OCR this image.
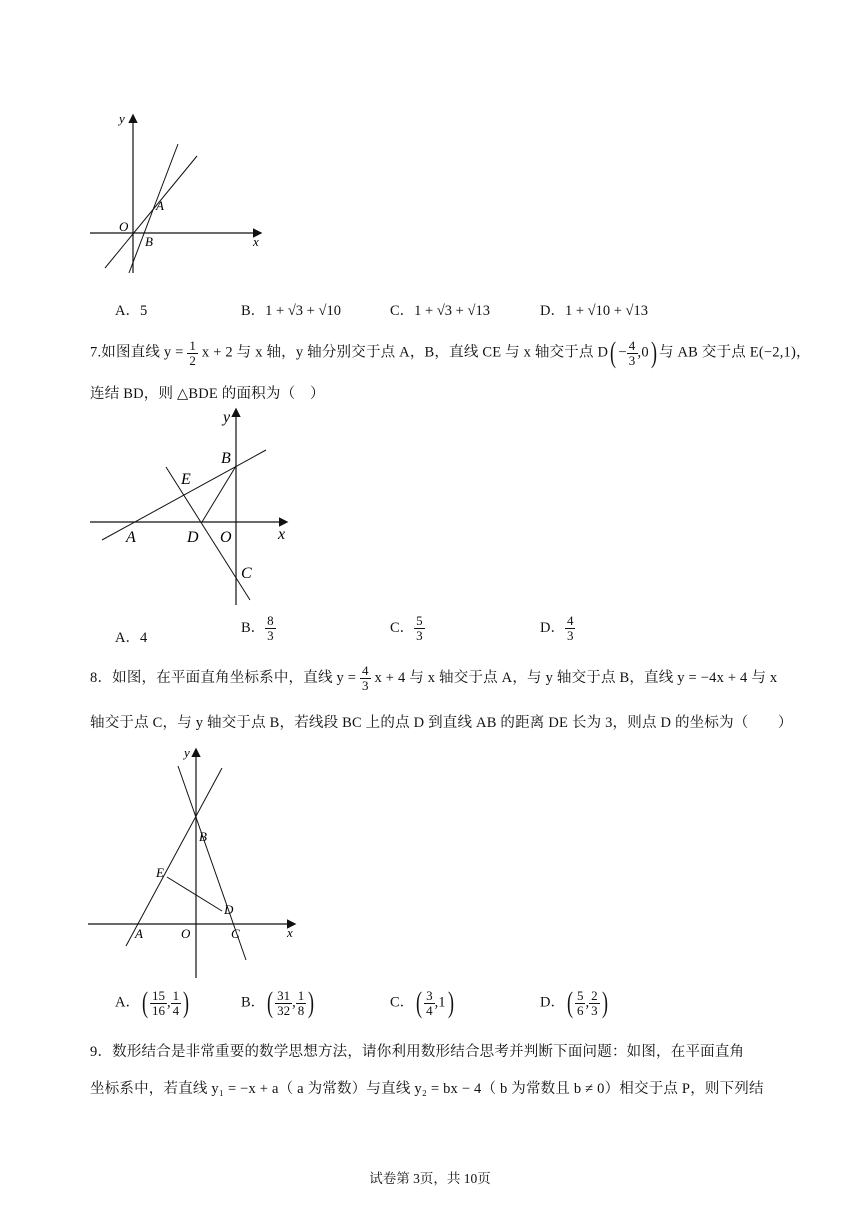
y
x
O
A
B
A．5	B．1 + √3 + √10	C．1 + √3 + √13	D．1 + √10 + √13
7.如图直线 $y = \frac{1}{2}$ x + 2 与 x 轴，y 轴分别交于点 A，B，直线 CE 与 x 轴交于点 $D( - \frac{4}{3} ,0)$ 与 AB 交于点 E(−2,1)，
连结 BD，则 △BDE 的面积为（　）
y
x
B
E
A	D O
C
A．4
B． $\frac{8}{3}$	C． $\frac{5}{3}$	D． $\frac{4}{3}$
8．如图，在平面直角坐标系中，直线 $y = \frac{4}{3}$ x + 4 与 x 轴交于点 A，与 y 轴交于点 B，直线 y = −4x + 4 与 x
轴交于点 C，与 y 轴交于点 B，若线段 BC 上的点 D 到直线 AB 的距离 DE 长为 3，则点 D 的坐标为（　　）
y
x
B
E
D
A	O	C
A．( $\frac{15}{16}$ , $\frac{1}{4}$ )	B．( $\frac{31}{32}$ , $\frac{1}{8}$ )	C．( $\frac{3}{4} ,1$)	D．( $\frac{5}{6}$ , $\frac{2}{3}$ )
9．数形结合是非常重要的数学思想方法，请你利用数形结合思考并判断下面问题：如图，在平面直角
坐标系中，若直线 y₁ = −x + a（ a 为常数）与直线 y₂ = bx − 4（ b 为常数且 b ≠ 0）相交于点 P，则下列结
试卷第 3页，共 10页
